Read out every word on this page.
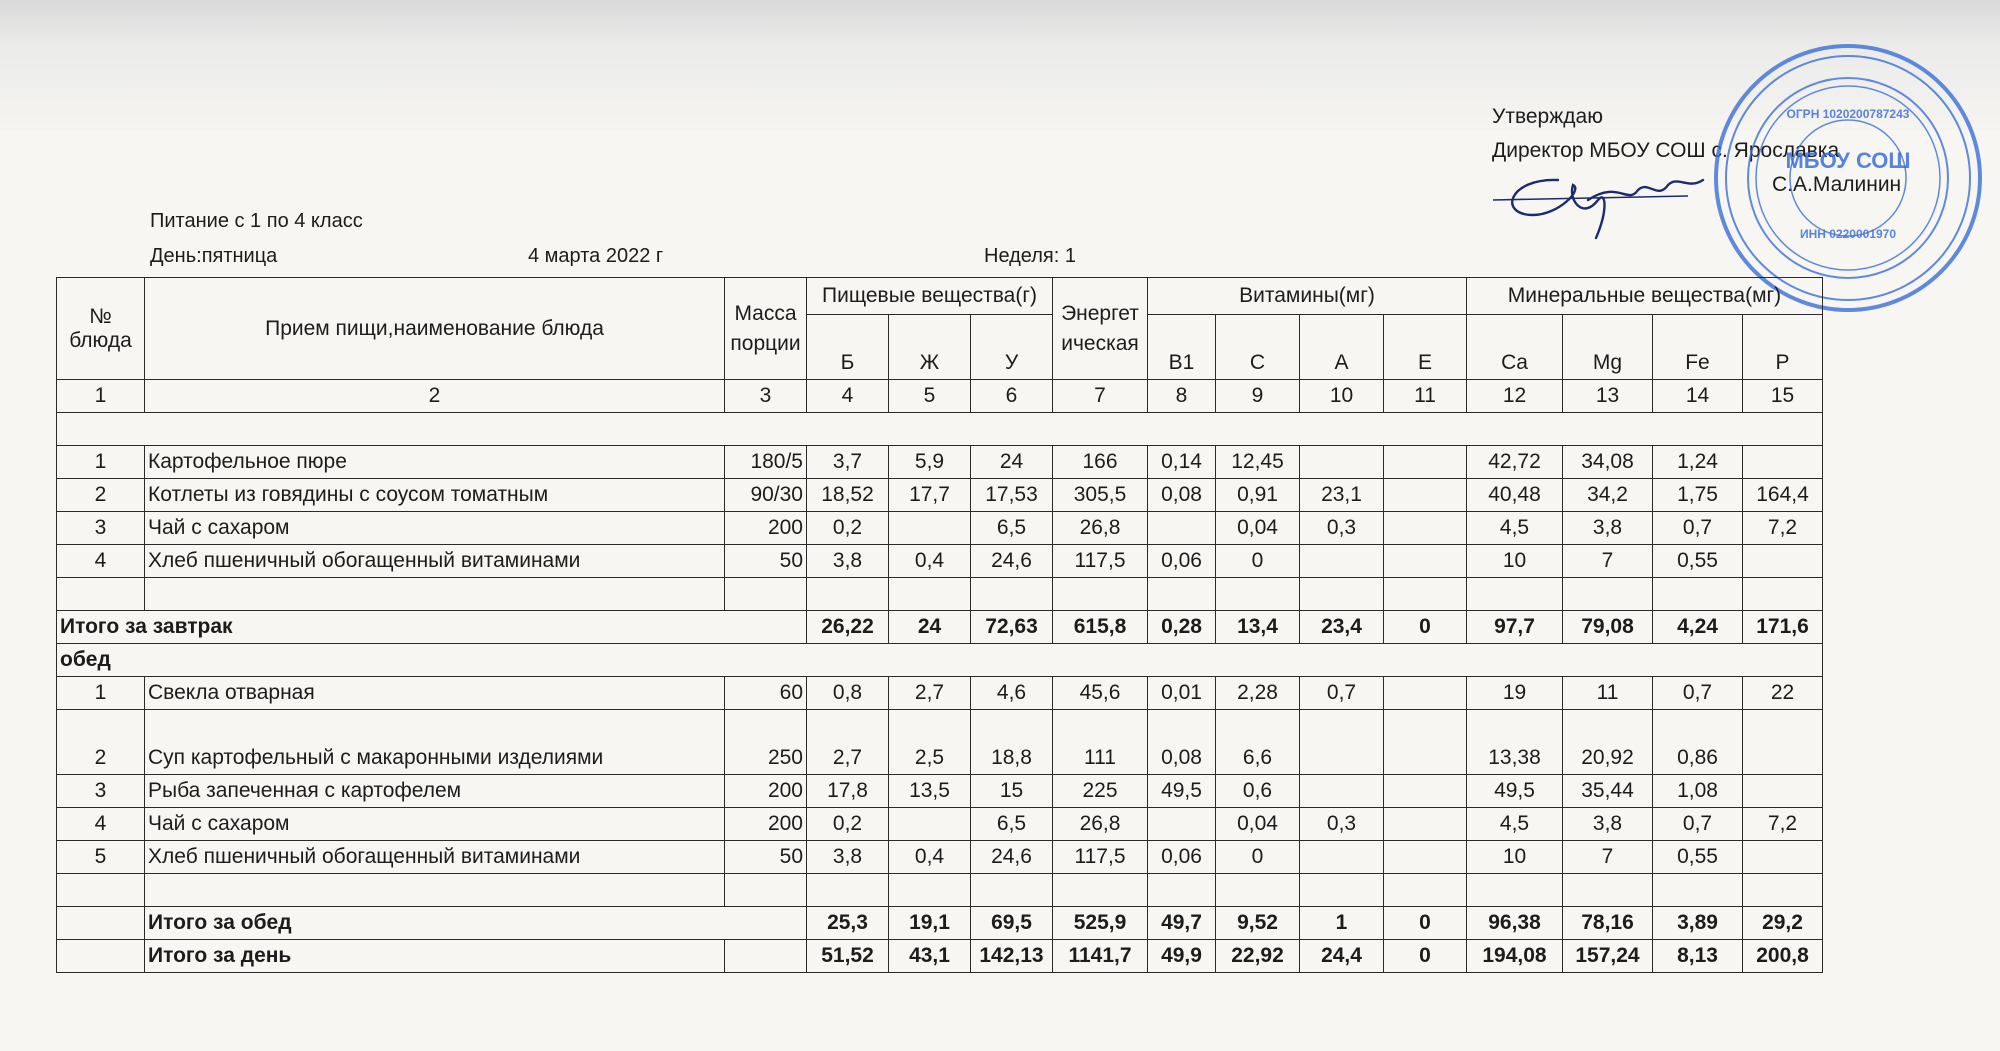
Утверждаю
Директор МБОУ СОШ с. Ярославка
С.А.Малинин
МБОУ СОШ
ОГРН 1020200787243
ИНН 0220001970
Питание с 1 по 4 класс
День:пятница	4 марта 2022 г	Неделя: 1
№ блюда	Прием пищи,наименование блюда	Масса порции	Пищевые вещества(г)			Энергетическая	Витамины(мг)				Минеральные вещества(мг)			
			Б	Ж	У		В1	С	А	Е	Ca	Mg	Fe	P
1	2	3	4	5	6	7	8	9	10	11	12	13	14	15

1	Картофельное пюре	180/5	3,7	5,9	24	166	0,14	12,45			42,72	34,08	1,24	
2	Котлеты из говядины с соусом томатным	90/30	18,52	17,7	17,53	305,5	0,08	0,91	23,1		40,48	34,2	1,75	164,4
3	Чай с сахаром	200	0,2		6,5	26,8		0,04	0,3		4,5	3,8	0,7	7,2
4	Хлеб пшеничный обогащенный витаминами	50	3,8	0,4	24,6	117,5	0,06	0			10	7	0,55	

Итого за завтрак			26,22	24	72,63	615,8	0,28	13,4	23,4	0	97,7	79,08	4,24	171,6
обед														
1	Свекла отварная	60	0,8	2,7	4,6	45,6	0,01	2,28	0,7		19	11	0,7	22
2	Суп картофельный с макаронными изделиями	250	2,7	2,5	18,8	111	0,08	6,6			13,38	20,92	0,86	
3	Рыба запеченная с картофелем	200	17,8	13,5	15	225	49,5	0,6			49,5	35,44	1,08	
4	Чай с сахаром	200	0,2		6,5	26,8		0,04	0,3		4,5	3,8	0,7	7,2
5	Хлеб пшеничный обогащенный витаминами	50	3,8	0,4	24,6	117,5	0,06	0			10	7	0,55	

	Итого за обед		25,3	19,1	69,5	525,9	49,7	9,52	1	0	96,38	78,16	3,89	29,2
	Итого за день		51,52	43,1	142,13	1141,7	49,9	22,92	24,4	0	194,08	157,24	8,13	200,8
